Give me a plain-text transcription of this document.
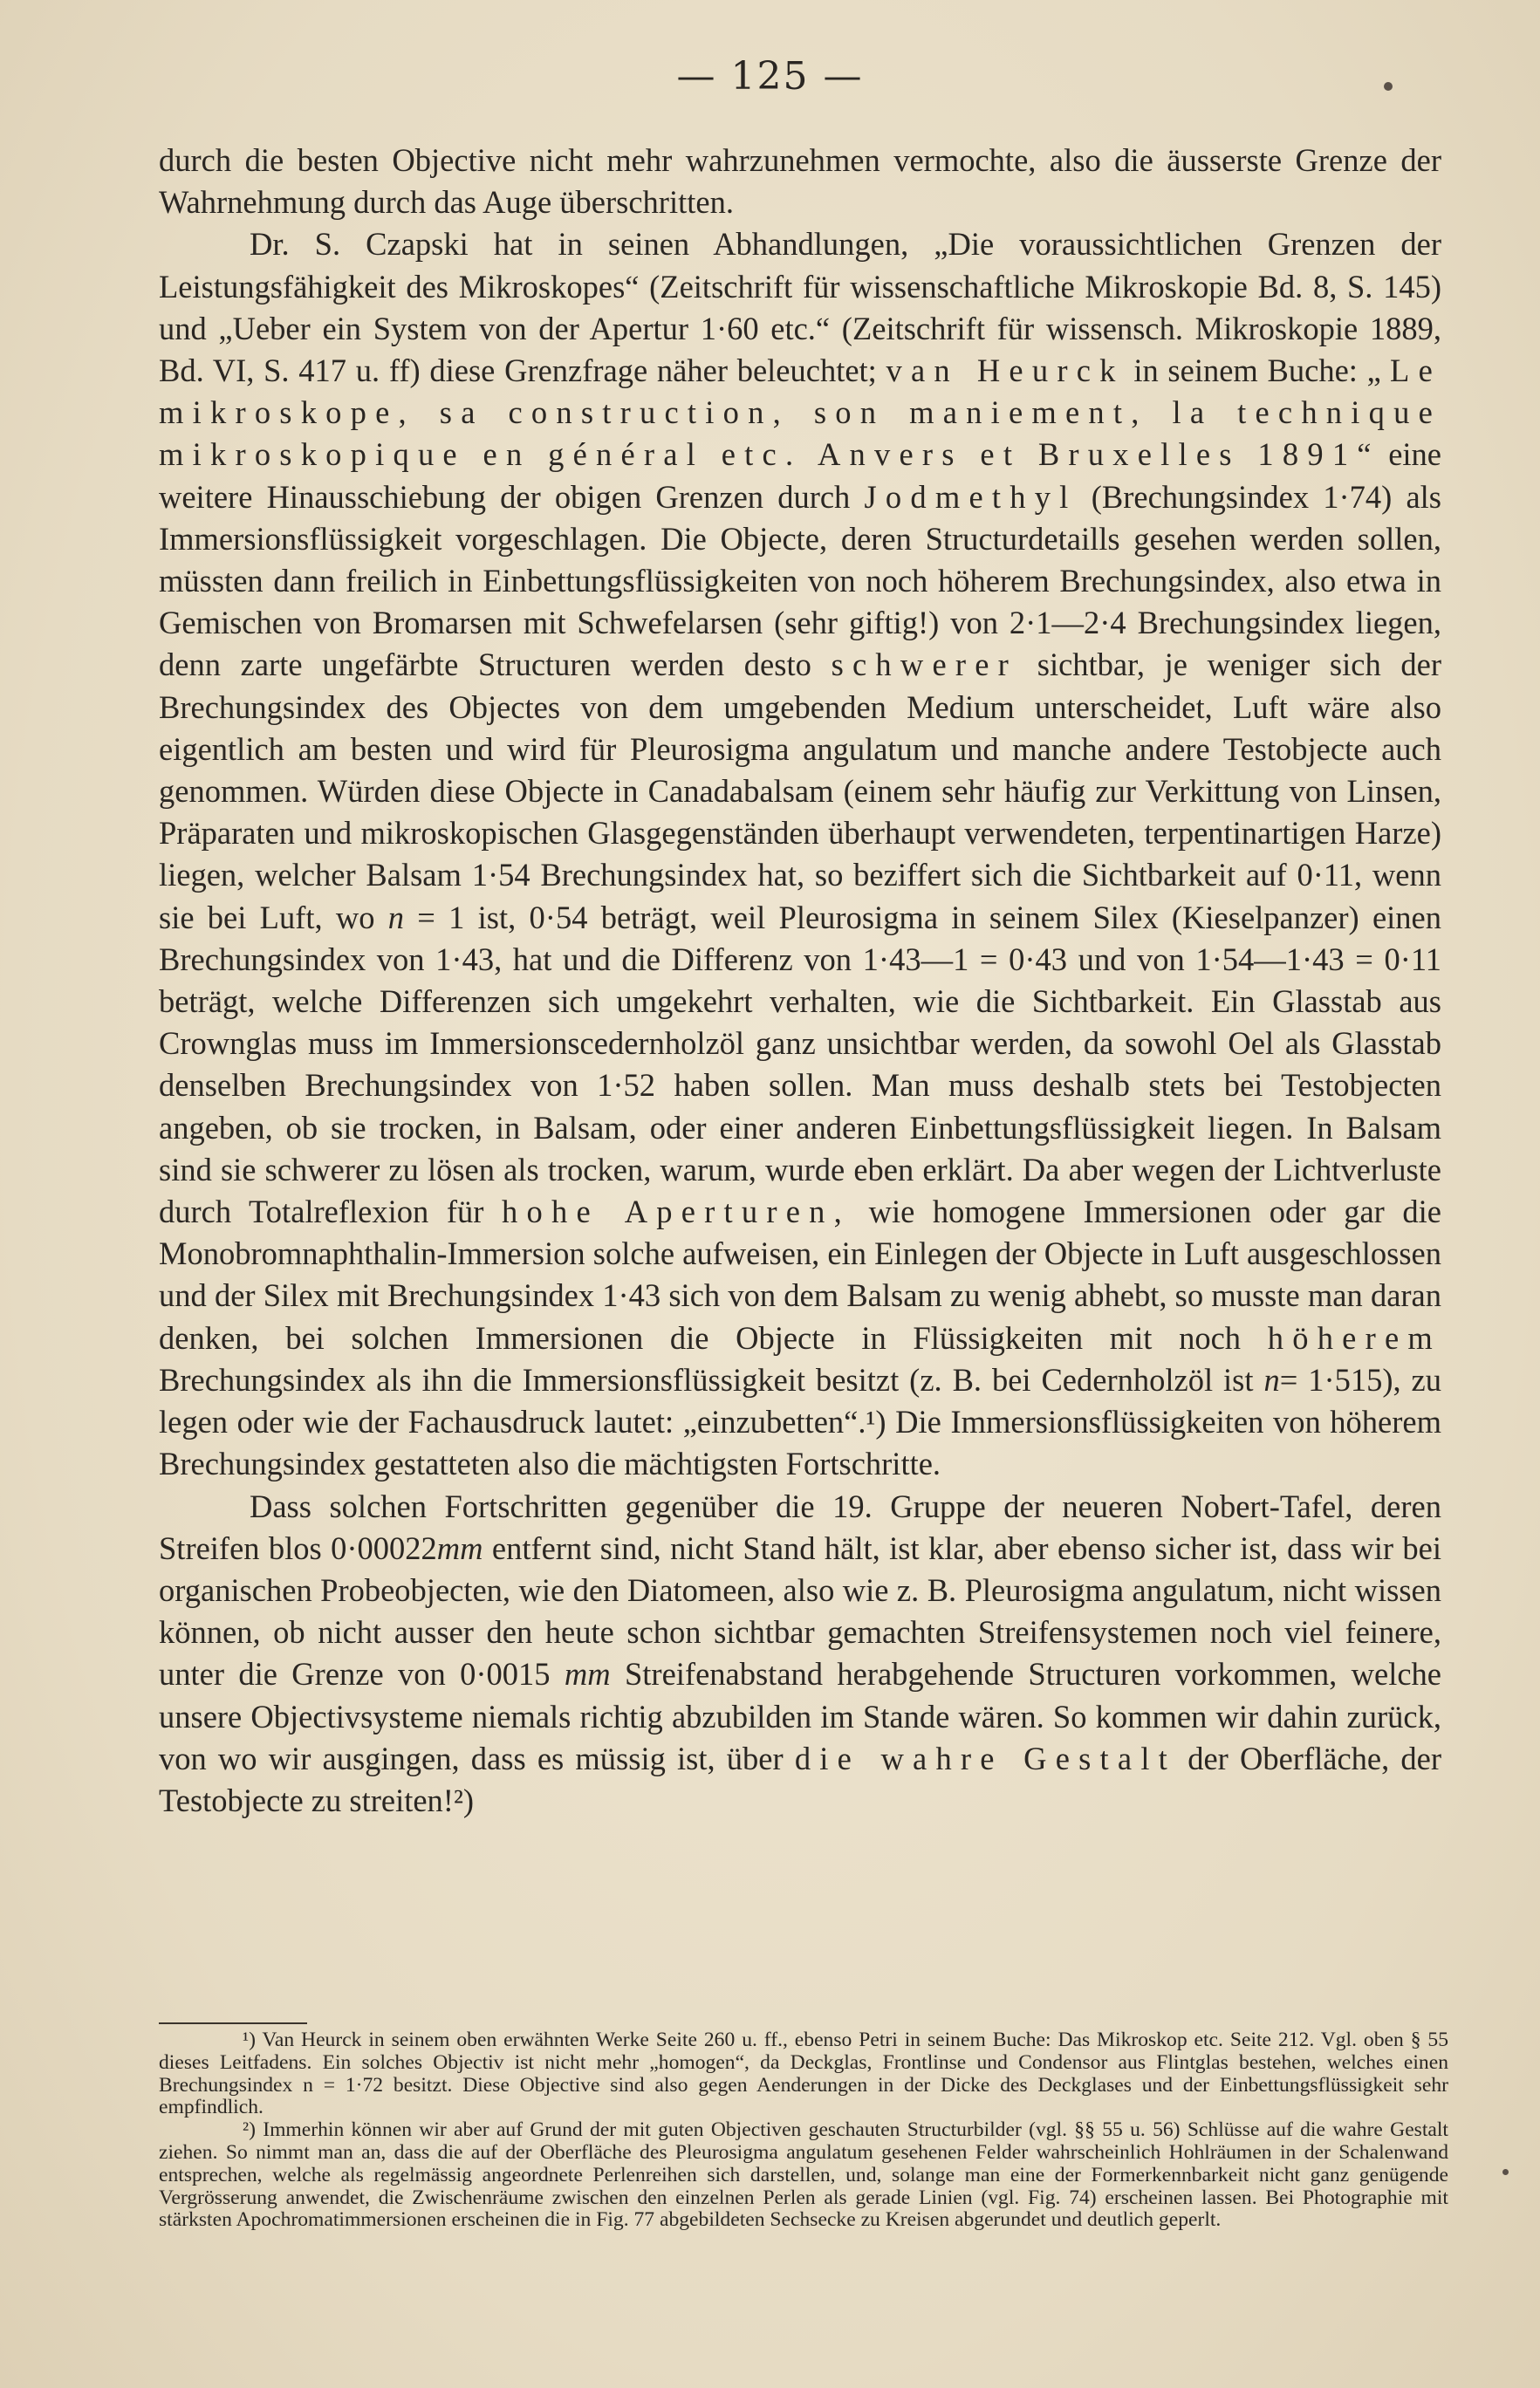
— 125 —

durch die besten Objective nicht mehr wahrzunehmen vermochte, also die äusserste Grenze der Wahrnehmung durch das Auge überschritten.

Dr. S. Czapski hat in seinen Abhandlungen, „Die voraussichtlichen Grenzen der Leistungsfähigkeit des Mikroskopes“ (Zeitschrift für wissenschaftliche Mikroskopie Bd. 8, S. 145) und „Ueber ein System von der Apertur 1·60 etc.“ (Zeitschrift für wissensch. Mikroskopie 1889, Bd. VI, S. 417 u. ff) diese Grenzfrage näher beleuchtet; van Heurck in seinem Buche: „Le mikroskope, sa construction, son maniement, la technique mikroskopique en général etc. Anvers et Bruxelles 1891“ eine weitere Hinausschiebung der obigen Grenzen durch Jodmethyl (Brechungsindex 1·74) als Immersionsflüssigkeit vorgeschlagen. Die Objecte, deren Structurdetaills gesehen werden sollen, müssten dann freilich in Einbettungsflüssigkeiten von noch höherem Brechungsindex, also etwa in Gemischen von Bromarsen mit Schwefelarsen (sehr giftig!) von 2·1—2·4 Brechungsindex liegen, denn zarte ungefärbte Structuren werden desto schwerer sichtbar, je weniger sich der Brechungsindex des Objectes von dem umgebenden Medium unterscheidet, Luft wäre also eigentlich am besten und wird für Pleurosigma angulatum und manche andere Testobjecte auch genommen. Würden diese Objecte in Canadabalsam (einem sehr häufig zur Verkittung von Linsen, Präparaten und mikroskopischen Glasgegenständen überhaupt verwendeten, terpentinartigen Harze) liegen, welcher Balsam 1·54 Brechungsindex hat, so beziffert sich die Sichtbarkeit auf 0·11, wenn sie bei Luft, wo n = 1 ist, 0·54 beträgt, weil Pleurosigma in seinem Silex (Kieselpanzer) einen Brechungsindex von 1·43, hat und die Differenz von 1·43—1 = 0·43 und von 1·54—1·43 = 0·11 beträgt, welche Differenzen sich umgekehrt verhalten, wie die Sichtbarkeit. Ein Glasstab aus Crownglas muss im Immersionscedernholzöl ganz unsichtbar werden, da sowohl Oel als Glasstab denselben Brechungsindex von 1·52 haben sollen. Man muss deshalb stets bei Testobjecten angeben, ob sie trocken, in Balsam, oder einer anderen Einbettungsflüssigkeit liegen. In Balsam sind sie schwerer zu lösen als trocken, warum, wurde eben erklärt. Da aber wegen der Lichtverluste durch Totalreflexion für hohe Aperturen, wie homogene Immersionen oder gar die Monobromnaphthalin-Immersion solche aufweisen, ein Einlegen der Objecte in Luft ausgeschlossen und der Silex mit Brechungsindex 1·43 sich von dem Balsam zu wenig abhebt, so musste man daran denken, bei solchen Immersionen die Objecte in Flüssigkeiten mit noch höherem Brechungsindex als ihn die Immersionsflüssigkeit besitzt (z. B. bei Cedernholzöl ist n= 1·515), zu legen oder wie der Fachausdruck lautet: „einzubetten“.¹) Die Immersionsflüssigkeiten von höherem Brechungsindex gestatteten also die mächtigsten Fortschritte.

Dass solchen Fortschritten gegenüber die 19. Gruppe der neueren Nobert-Tafel, deren Streifen blos 0·00022mm entfernt sind, nicht Stand hält, ist klar, aber ebenso sicher ist, dass wir bei organischen Probeobjecten, wie den Diatomeen, also wie z. B. Pleurosigma angulatum, nicht wissen können, ob nicht ausser den heute schon sichtbar gemachten Streifensystemen noch viel feinere, unter die Grenze von 0·0015 mm Streifenabstand herabgehende Structuren vorkommen, welche unsere Objectivsysteme niemals richtig abzubilden im Stande wären. So kommen wir dahin zurück, von wo wir ausgingen, dass es müssig ist, über die wahre Gestalt der Oberfläche, der Testobjecte zu streiten!²)

¹) Van Heurck in seinem oben erwähnten Werke Seite 260 u. ff., ebenso Petri in seinem Buche: Das Mikroskop etc. Seite 212. Vgl. oben § 55 dieses Leitfadens. Ein solches Objectiv ist nicht mehr „homogen“, da Deckglas, Frontlinse und Condensor aus Flintglas bestehen, welches einen Brechungsindex n = 1·72 besitzt. Diese Objective sind also gegen Aenderungen in der Dicke des Deckglases und der Einbettungsflüssigkeit sehr empfindlich.

²) Immerhin können wir aber auf Grund der mit guten Objectiven geschauten Structurbilder (vgl. §§ 55 u. 56) Schlüsse auf die wahre Gestalt ziehen. So nimmt man an, dass die auf der Oberfläche des Pleurosigma angulatum gesehenen Felder wahrscheinlich Hohlräumen in der Schalenwand entsprechen, welche als regelmässig angeordnete Perlenreihen sich darstellen, und, solange man eine der Formerkennbarkeit nicht ganz genügende Vergrösserung anwendet, die Zwischenräume zwischen den einzelnen Perlen als gerade Linien (vgl. Fig. 74) erscheinen lassen. Bei Photographie mit stärksten Apochromatimmersionen erscheinen die in Fig. 77 abgebildeten Sechsecke zu Kreisen abgerundet und deutlich geperlt.
